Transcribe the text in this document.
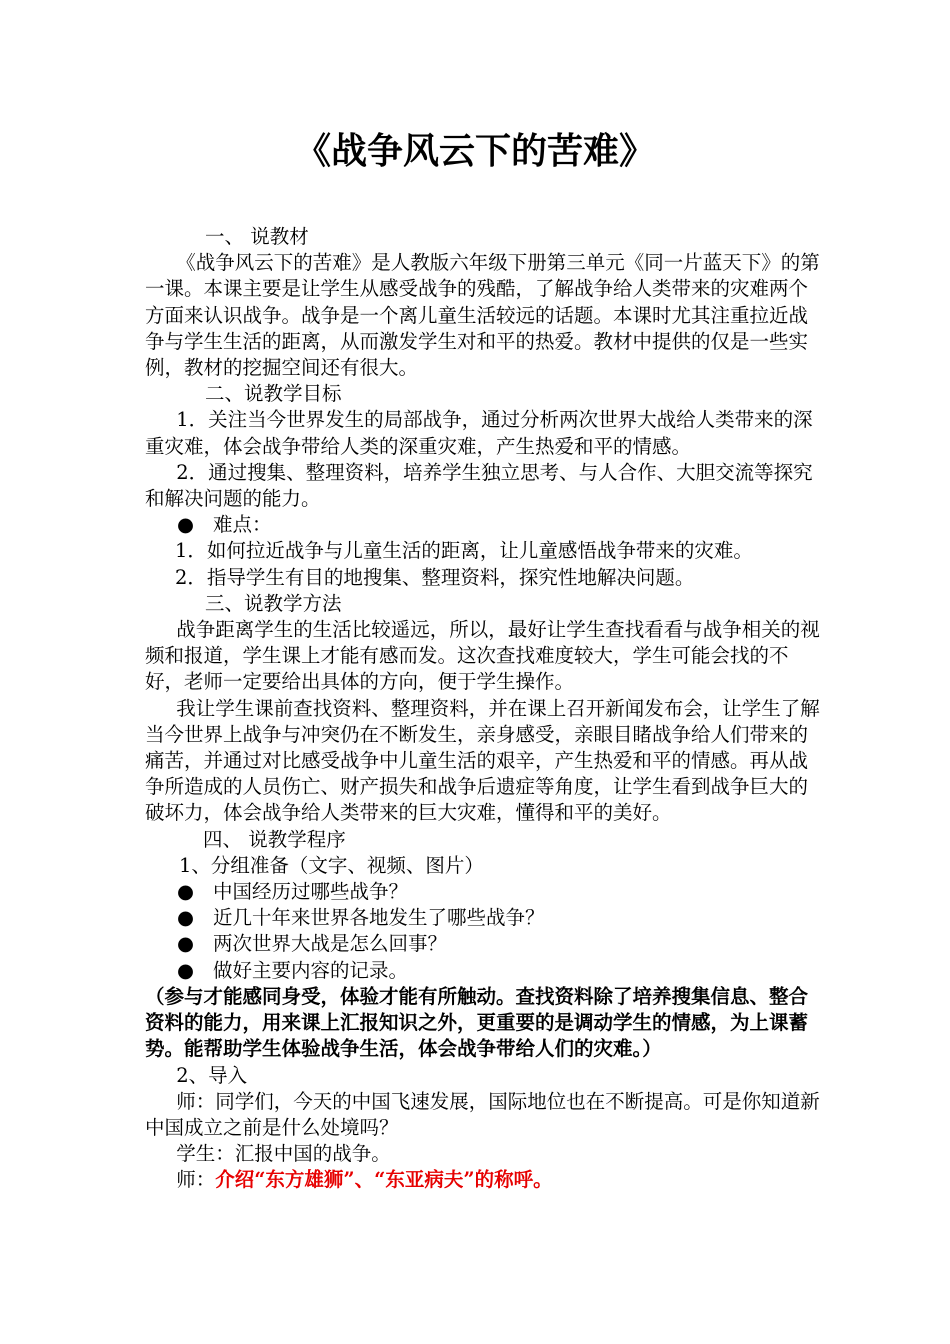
《战争风云下的苦难》

一、 说教材

《战争风云下的苦难》是人教版六年级下册第三单元《同一片蓝天下》的第一课。本课主要是让学生从感受战争的残酷，了解战争给人类带来的灾难两个方面来认识战争。战争是一个离儿童生活较远的话题。本课时尤其注重拉近战争与学生生活的距离，从而激发学生对和平的热爱。教材中提供的仅是一些实例，教材的挖掘空间还有很大。

二、说教学目标

1．关注当今世界发生的局部战争，通过分析两次世界大战给人类带来的深重灾难，体会战争带给人类的深重灾难，产生热爱和平的情感。

2．通过搜集、整理资料，培养学生独立思考、与人合作、大胆交流等探究和解决问题的能力。

● 难点：

1．如何拉近战争与儿童生活的距离，让儿童感悟战争带来的灾难。

2．指导学生有目的地搜集、整理资料，探究性地解决问题。

三、说教学方法

战争距离学生的生活比较遥远，所以，最好让学生查找看看与战争相关的视频和报道，学生课上才能有感而发。这次查找难度较大，学生可能会找的不好，老师一定要给出具体的方向，便于学生操作。

我让学生课前查找资料、整理资料，并在课上召开新闻发布会，让学生了解当今世界上战争与冲突仍在不断发生，亲身感受，亲眼目睹战争给人们带来的痛苦，并通过对比感受战争中儿童生活的艰辛，产生热爱和平的情感。再从战争所造成的人员伤亡、财产损失和战争后遗症等角度，让学生看到战争巨大的破坏力，体会战争给人类带来的巨大灾难，懂得和平的美好。

四、 说教学程序

1、分组准备（文字、视频、图片）

● 中国经历过哪些战争？
● 近几十年来世界各地发生了哪些战争？
● 两次世界大战是怎么回事？
● 做好主要内容的记录。

（参与才能感同身受，体验才能有所触动。查找资料除了培养搜集信息、整合资料的能力，用来课上汇报知识之外，更重要的是调动学生的情感，为上课蓄势。能帮助学生体验战争生活，体会战争带给人们的灾难。）

2、导入

师：同学们，今天的中国飞速发展，国际地位也在不断提高。可是你知道新中国成立之前是什么处境吗？

学生：汇报中国的战争。

师：介绍“东方雄狮”、“东亚病夫”的称呼。
